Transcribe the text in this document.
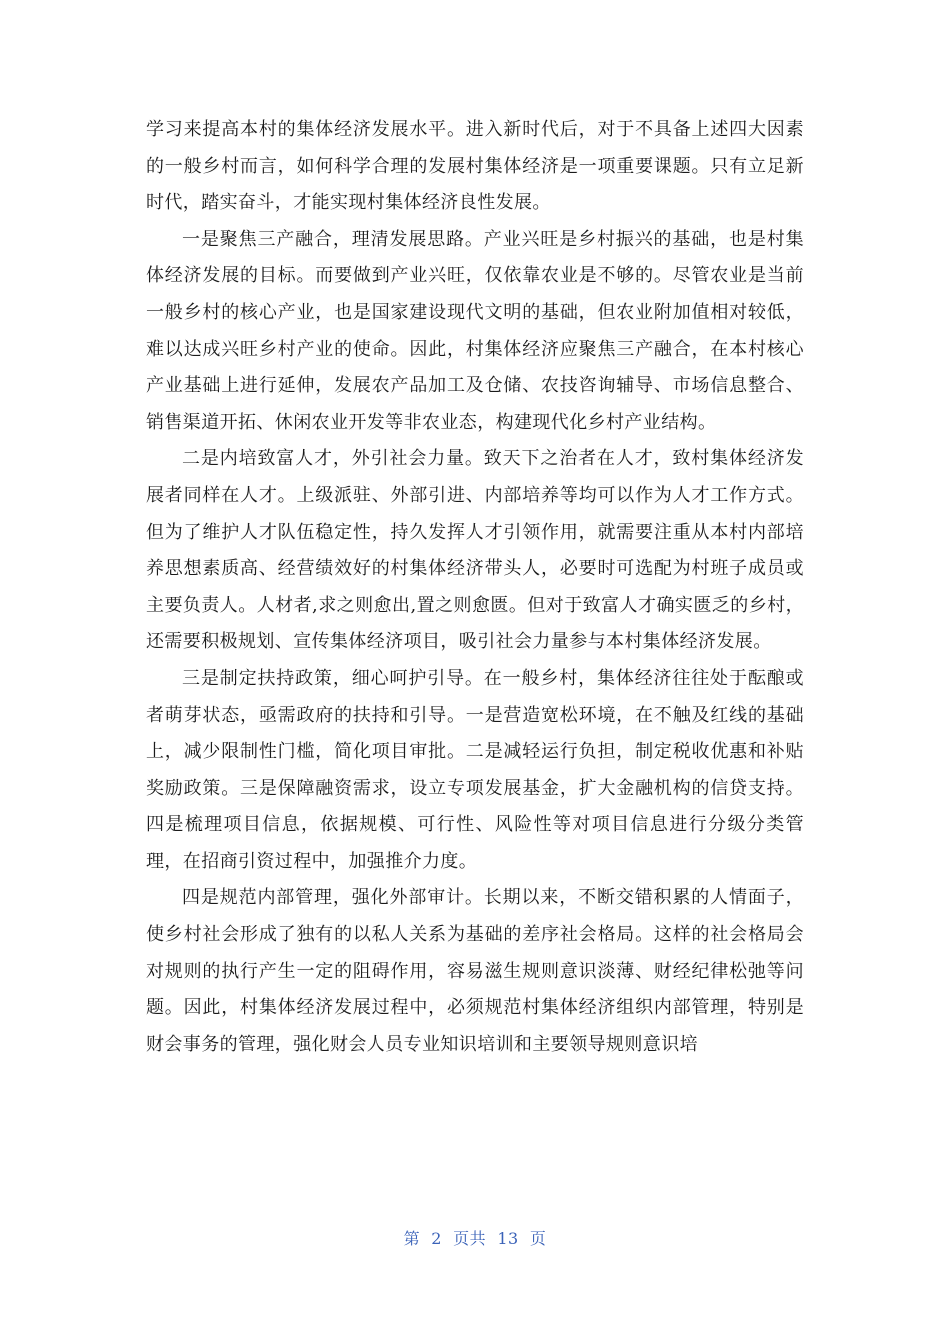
学习来提高本村的集体经济发展水平。进入新时代后，对于不具备上述四大因素的一般乡村而言，如何科学合理的发展村集体经济是一项重要课题。只有立足新时代，踏实奋斗，才能实现村集体经济良性发展。

一是聚焦三产融合，理清发展思路。产业兴旺是乡村振兴的基础，也是村集体经济发展的目标。而要做到产业兴旺，仅依靠农业是不够的。尽管农业是当前一般乡村的核心产业，也是国家建设现代文明的基础，但农业附加值相对较低，难以达成兴旺乡村产业的使命。因此，村集体经济应聚焦三产融合，在本村核心产业基础上进行延伸，发展农产品加工及仓储、农技咨询辅导、市场信息整合、销售渠道开拓、休闲农业开发等非农业态，构建现代化乡村产业结构。

二是内培致富人才，外引社会力量。致天下之治者在人才，致村集体经济发展者同样在人才。上级派驻、外部引进、内部培养等均可以作为人才工作方式。但为了维护人才队伍稳定性，持久发挥人才引领作用，就需要注重从本村内部培养思想素质高、经营绩效好的村集体经济带头人，必要时可选配为村班子成员或主要负责人。人材者,求之则愈出,置之则愈匮。但对于致富人才确实匮乏的乡村，还需要积极规划、宣传集体经济项目，吸引社会力量参与本村集体经济发展。

三是制定扶持政策，细心呵护引导。在一般乡村，集体经济往往处于酝酿或者萌芽状态，亟需政府的扶持和引导。一是营造宽松环境，在不触及红线的基础上，减少限制性门槛，简化项目审批。二是减轻运行负担，制定税收优惠和补贴奖励政策。三是保障融资需求，设立专项发展基金，扩大金融机构的信贷支持。四是梳理项目信息，依据规模、可行性、风险性等对项目信息进行分级分类管理，在招商引资过程中，加强推介力度。

四是规范内部管理，强化外部审计。长期以来，不断交错积累的人情面子，使乡村社会形成了独有的以私人关系为基础的差序社会格局。这样的社会格局会对规则的执行产生一定的阻碍作用，容易滋生规则意识淡薄、财经纪律松弛等问题。因此，村集体经济发展过程中，必须规范村集体经济组织内部管理，特别是财会事务的管理，强化财会人员专业知识培训和主要领导规则意识培

第  2  页共  13  页
